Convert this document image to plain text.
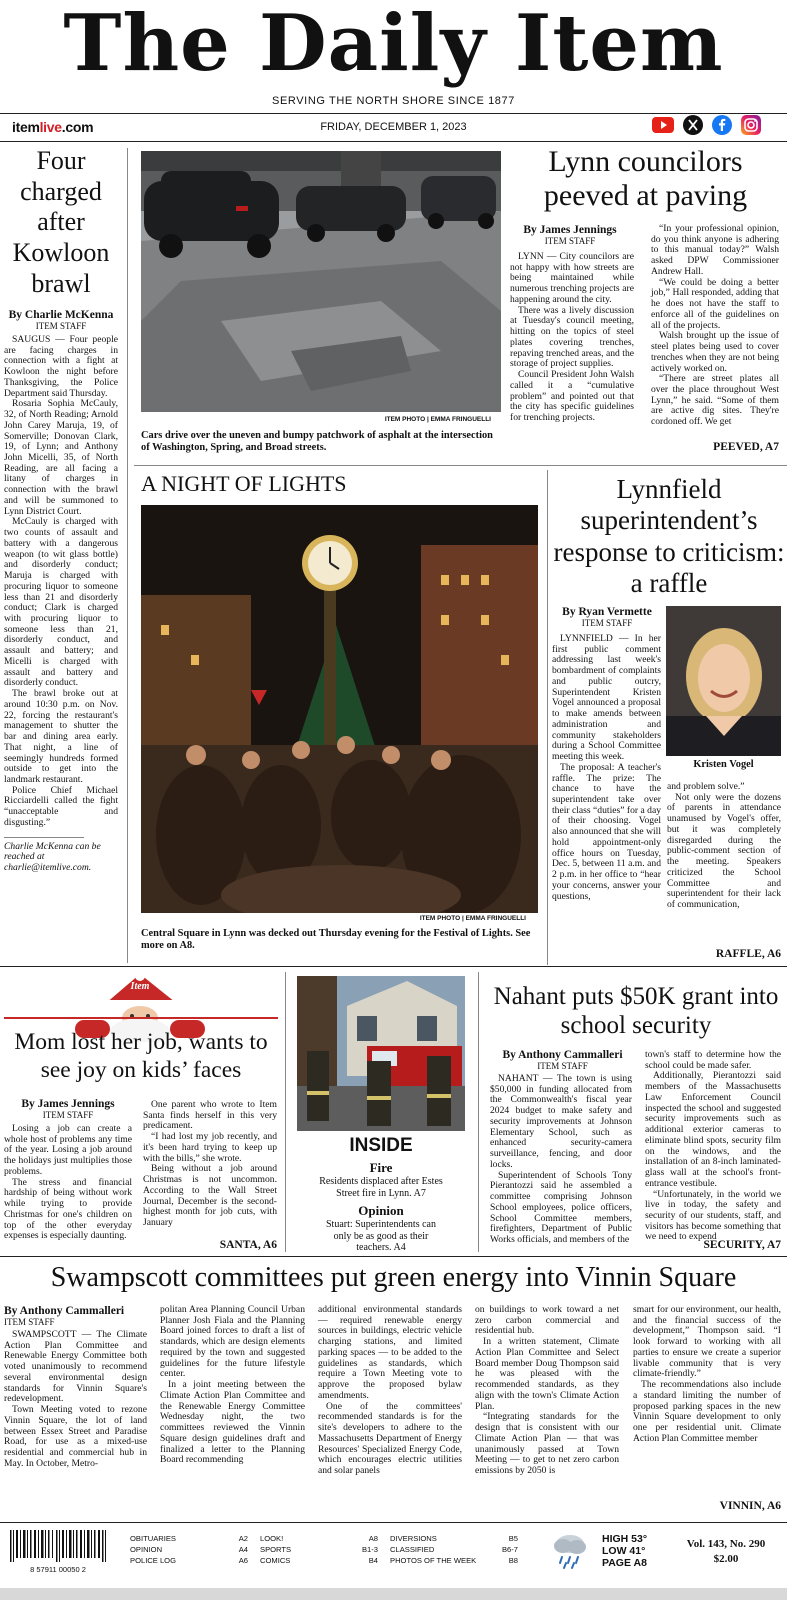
The Daily Item
SERVING THE NORTH SHORE SINCE 1877
itemlive.com	FRIDAY, DECEMBER 1, 2023
Four charged after Kowloon brawl
By Charlie McKenna
ITEM STAFF

SAUGUS — Four people are facing charges in connection with a fight at Kowloon the night before Thanksgiving, the Police Department said Thursday.

Rosaria Sophia McCauly, 32, of North Reading; Arnold John Carey Maruja, 19, of Somerville; Donovan Clark, 19, of Lynn; and Anthony John Micelli, 35, of North Reading, are all facing a litany of charges in connection with the brawl and will be summoned to Lynn District Court.

McCauly is charged with two counts of assault and battery with a dangerous weapon (to wit glass bottle) and disorderly conduct; Maruja is charged with procuring liquor to someone less than 21 and disorderly conduct; Clark is charged with procuring liquor to someone less than 21, disorderly conduct, and assault and battery; and Micelli is charged with assault and battery and disorderly conduct.

The brawl broke out at around 10:30 p.m. on Nov. 22, forcing the restaurant's management to shutter the bar and dining area early. That night, a line of seemingly hundreds formed outside to get into the landmark restaurant.

Police Chief Michael Ricciardelli called the fight “unacceptable and disgusting.”

Charlie McKenna can be reached at charlie@itemlive.com.
ITEM PHOTO | EMMA FRINGUELLI
Cars drive over the uneven and bumpy patchwork of asphalt at the intersection of Washington, Spring, and Broad streets.
Lynn councilors peeved at paving
By James Jennings
ITEM STAFF

LYNN — City councilors are not happy with how streets are being maintained while numerous trenching projects are happening around the city.

There was a lively discussion at Tuesday's council meeting, hitting on the topics of steel plates covering trenches, repaving trenched areas, and the storage of project supplies.

Council President John Walsh called it a “cumulative problem” and pointed out that the city has specific guidelines for trenching projects.

“In your professional opinion, do you think anyone is adhering to this manual today?” Walsh asked DPW Commissioner Andrew Hall.

“We could be doing a better job,” Hall responded, adding that he does not have the staff to enforce all of the guidelines on all of the projects.

Walsh brought up the issue of steel plates being used to cover trenches when they are not being actively worked on.

“There are street plates all over the place throughout West Lynn,” he said. “Some of them are active dig sites. They're cordoned off. We get

PEEVED, A7
A NIGHT OF LIGHTS
ITEM PHOTO | EMMA FRINGUELLI
Central Square in Lynn was decked out Thursday evening for the Festival of Lights. See more on A8.
Lynnfield superintendent’s response to criticism: a raffle
By Ryan Vermette
ITEM STAFF

LYNNFIELD — In her first public comment addressing last week's bombardment of complaints and public outcry, Superintendent Kristen Vogel announced a proposal to make amends between administration and community stakeholders during a School Committee meeting this week.

The proposal: A teacher's raffle. The prize: The chance to have the superintendent take over their class “duties” for a day of their choosing. Vogel also announced that she will hold appointment-only office hours on Tuesday, Dec. 5, between 11 a.m. and 2 p.m. in her office to “hear your concerns, answer your questions,

Kristen Vogel

and problem solve.”

Not only were the dozens of parents in attendance unamused by Vogel's offer, but it was completely disregarded during the public-comment section of the meeting. Speakers criticized the School Committee and superintendent for their lack of communication,

RAFFLE, A6
Item
Mom lost her job, wants to see joy on kids’ faces
By James Jennings
ITEM STAFF

Losing a job can create a whole host of problems any time of the year. Losing a job around the holidays just multiplies those problems.

The stress and financial hardship of being without work while trying to provide Christmas for one's children on top of the other everyday expenses is especially daunting.

One parent who wrote to Item Santa finds herself in this very predicament.

“I had lost my job recently, and it's been hard trying to keep up with the bills,” she wrote.

Being without a job around Christmas is not uncommon. According to the Wall Street Journal, December is the second-highest month for job cuts, with January

SANTA, A6
INSIDE
Fire
Residents displaced after Estes Street fire in Lynn. A7
Opinion
Stuart: Superintendents can only be as good as their teachers. A4
Nahant puts $50K grant into school security
By Anthony Cammalleri
ITEM STAFF

NAHANT — The town is using $50,000 in funding allocated from the Commonwealth's fiscal year 2024 budget to make safety and security improvements at Johnson Elementary School, such as enhanced security-camera surveillance, fencing, and door locks.

Superintendent of Schools Tony Pierantozzi said he assembled a committee comprising Johnson School employees, police officers, School Committee members, firefighters, Department of Public Works officials, and members of the

town's staff to determine how the school could be made safer.

Additionally, Pierantozzi said members of the Massachusetts Law Enforcement Council inspected the school and suggested security improvements such as additional exterior cameras to eliminate blind spots, security film on the windows, and the installation of an 8-inch laminated-glass wall at the school's front-entrance vestibule.

“Unfortunately, in the world we live in today, the safety and security of our students, staff, and visitors has become something that we need to expend

SECURITY, A7
Swampscott committees put green energy into Vinnin Square
By Anthony Cammalleri
ITEM STAFF

SWAMPSCOTT — The Climate Action Plan Committee and Renewable Energy Committee both voted unanimously to recommend several environmental design standards for Vinnin Square's redevelopment.

Town Meeting voted to rezone Vinnin Square, the lot of land between Essex Street and Paradise Road, for use as a mixed-use residential and commercial hub in May. In October, Metro-

politan Area Planning Council Urban Planner Josh Fiala and the Planning Board joined forces to draft a list of standards, which are design elements required by the town and suggested guidelines for the future lifestyle center.

In a joint meeting between the Climate Action Plan Committee and the Renewable Energy Committee Wednesday night, the two committees reviewed the Vinnin Square design guidelines draft and finalized a letter to the Planning Board recommending

additional environmental standards — required renewable energy sources in buildings, electric vehicle charging stations, and limited parking spaces — to be added to the guidelines as standards, which require a Town Meeting vote to approve the proposed bylaw amendments.

One of the committees' recommended standards is for the site's developers to adhere to the Massachusetts Department of Energy Resources' Specialized Energy Code, which encourages electric utilities and solar panels

on buildings to work toward a net zero carbon commercial and residential hub.

In a written statement, Climate Action Plan Committee and Select Board member Doug Thompson said he was pleased with the recommended standards, as they align with the town's Climate Action Plan.

“Integrating standards for the design that is consistent with our Climate Action Plan — that was unanimously passed at Town Meeting — to get to net zero carbon emissions by 2050 is

smart for our environment, our health, and the financial success of the development,” Thompson said. “I look forward to working with all parties to ensure we create a superior livable community that is very climate-friendly.”

The recommendations also include a standard limiting the number of proposed parking spaces in the new Vinnin Square development to only one per residential unit. Climate Action Plan Committee member

VINNIN, A6
8 57911 00050 2
OBITUARIES	A2
OPINION	A4
POLICE LOG	A6
LOOK!	A8
SPORTS	B1-3
COMICS	B4
DIVERSIONS	B5
CLASSIFIED	B6-7
PHOTOS OF THE WEEK	B8
HIGH 53°
LOW 41°
PAGE A8
Vol. 143, No. 290
$2.00
